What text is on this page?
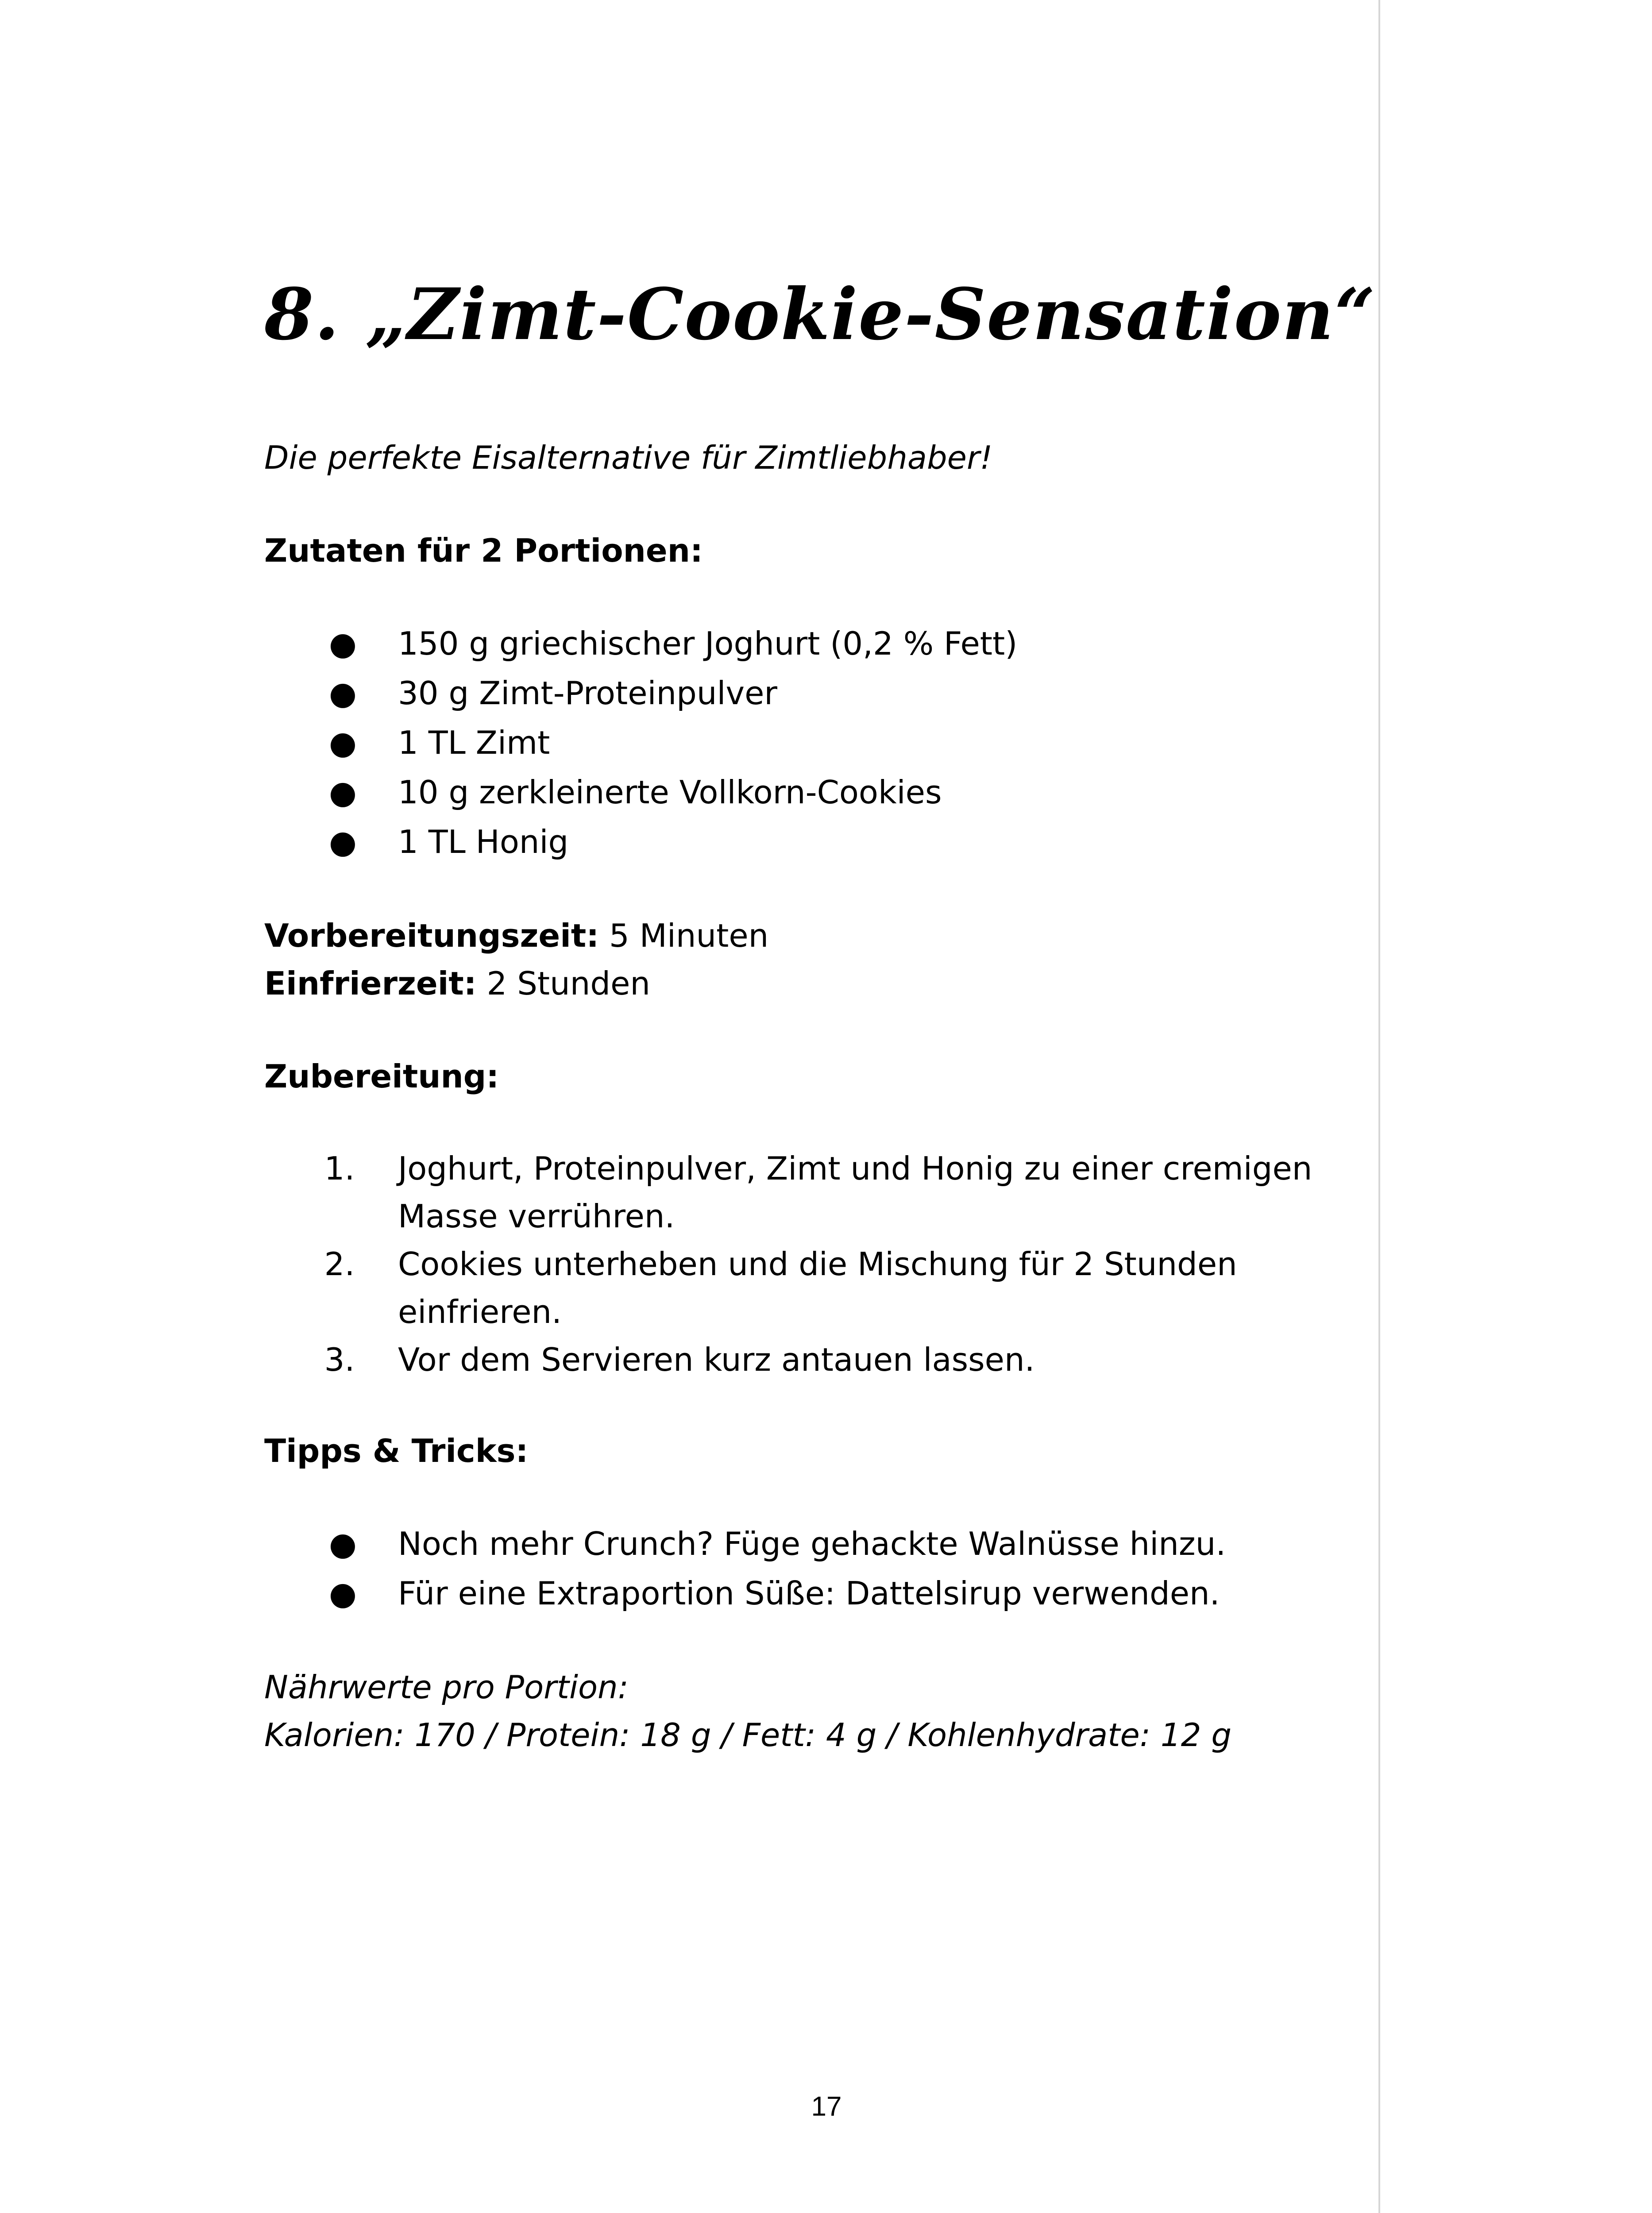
8. „Zimt-Cookie-Sensation“

Die perfekte Eisalternative für Zimtliebhaber!

Zutaten für 2 Portionen:
● 150 g griechischer Joghurt (0,2 % Fett)
● 30 g Zimt-Proteinpulver
● 1 TL Zimt
● 10 g zerkleinerte Vollkorn-Cookies
● 1 TL Honig

Vorbereitungszeit: 5 Minuten

Einfrierzeit: 2 Stunden

Zubereitung:
1.	Joghurt, Proteinpulver, Zimt und Honig zu einer cremigen Masse verrühren.
2.	Cookies unterheben und die Mischung für 2 Stunden einfrieren.
3.	Vor dem Servieren kurz antauen lassen.
Tipps & Tricks:
● Noch mehr Crunch? Füge gehackte Walnüsse hinzu.
● Für eine Extraportion Süße: Dattelsirup verwenden.

Nährwerte pro Portion:

Kalorien: 170 / Protein: 18 g / Fett: 4 g / Kohlenhydrate: 12 g

17
